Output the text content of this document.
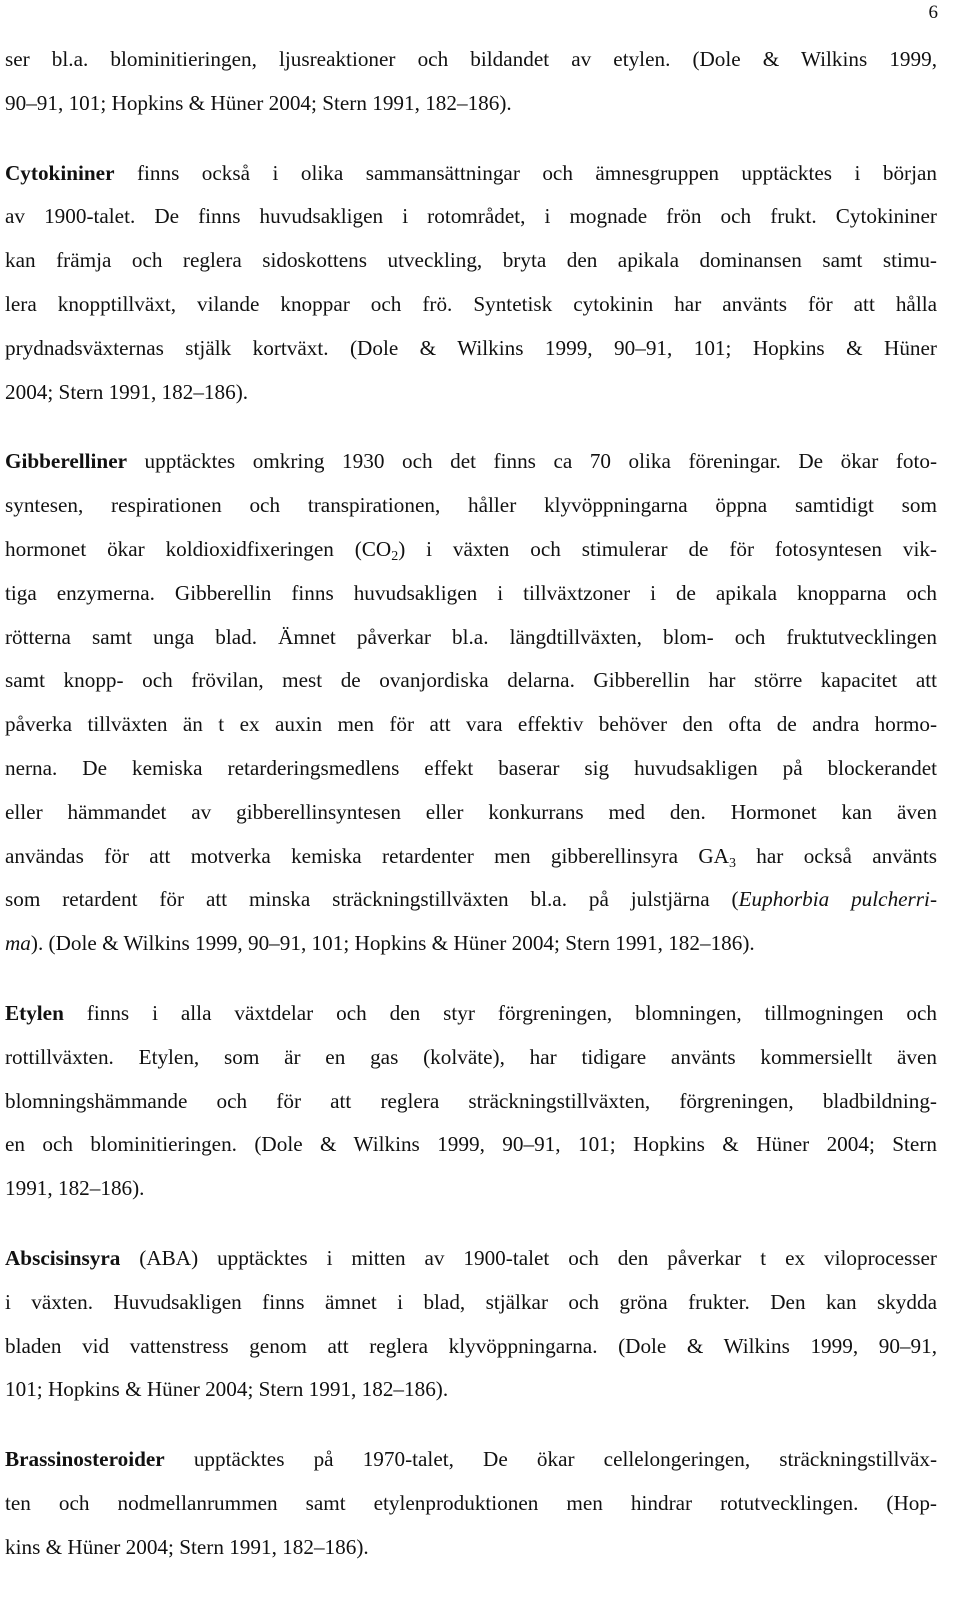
6
ser bl.a. blominitieringen, ljusreaktioner och bildandet av etylen. (Dole & Wilkins 1999,
90–91, 101; Hopkins & Hüner 2004; Stern 1991, 182–186).
Cytokininer finns också i olika sammansättningar och ämnesgruppen upptäcktes i början
av 1900-talet. De finns huvudsakligen i rotområdet, i mognade frön och frukt. Cytokininer
kan främja och reglera sidoskottens utveckling, bryta den apikala dominansen samt stimu-
lera knopptillväxt, vilande knoppar och frö. Syntetisk cytokinin har använts för att hålla
prydnadsväxternas stjälk kortväxt. (Dole & Wilkins 1999, 90–91, 101; Hopkins & Hüner
2004; Stern 1991, 182–186).
Gibberelliner upptäcktes omkring 1930 och det finns ca 70 olika föreningar. De ökar foto-
syntesen, respirationen och transpirationen, håller klyvöppningarna öppna samtidigt som
hormonet ökar koldioxidfixeringen $(CO_2)$ i växten och stimulerar de för fotosyntesen vik-
tiga enzymerna. Gibberellin finns huvudsakligen i tillväxtzoner i de apikala knopparna och
rötterna samt unga blad. Ämnet påverkar bl.a. längdtillväxten, blom- och fruktutvecklingen
samt knopp- och frövilan, mest de ovanjordiska delarna. Gibberellin har större kapacitet att
påverka tillväxten än t ex auxin men för att vara effektiv behöver den ofta de andra hormo-
nerna. De kemiska retarderingsmedlens effekt baserar sig huvudsakligen på blockerandet
eller hämmandet av gibberellinsyntesen eller konkurrans med den. Hormonet kan även
användas för att motverka kemiska retardenter men gibberellinsyra $GA_3$ har också använts
som retardent för att minska sträckningstillväxten bl.a. på julstjärna (Euphorbia pulcherri-
ma). (Dole & Wilkins 1999, 90–91, 101; Hopkins & Hüner 2004; Stern 1991, 182–186).
Etylen finns i alla växtdelar och den styr förgreningen, blomningen, tillmogningen och
rottillväxten. Etylen, som är en gas (kolväte), har tidigare använts kommersiellt även
blomningshämmande och för att reglera sträckningstillväxten, förgreningen, bladbildning-
en och blominitieringen. (Dole & Wilkins 1999, 90–91, 101; Hopkins & Hüner 2004; Stern
1991, 182–186).
Abscisinsyra (ABA) upptäcktes i mitten av 1900-talet och den påverkar t ex viloprocesser
i växten. Huvudsakligen finns ämnet i blad, stjälkar och gröna frukter. Den kan skydda
bladen vid vattenstress genom att reglera klyvöppningarna. (Dole & Wilkins 1999, 90–91,
101; Hopkins & Hüner 2004; Stern 1991, 182–186).
Brassinosteroider upptäcktes på 1970-talet, De ökar cellelongeringen, sträckningstillväx-
ten och nodmellanrummen samt etylenproduktionen men hindrar rotutvecklingen. (Hop-
kins & Hüner 2004; Stern 1991, 182–186).
